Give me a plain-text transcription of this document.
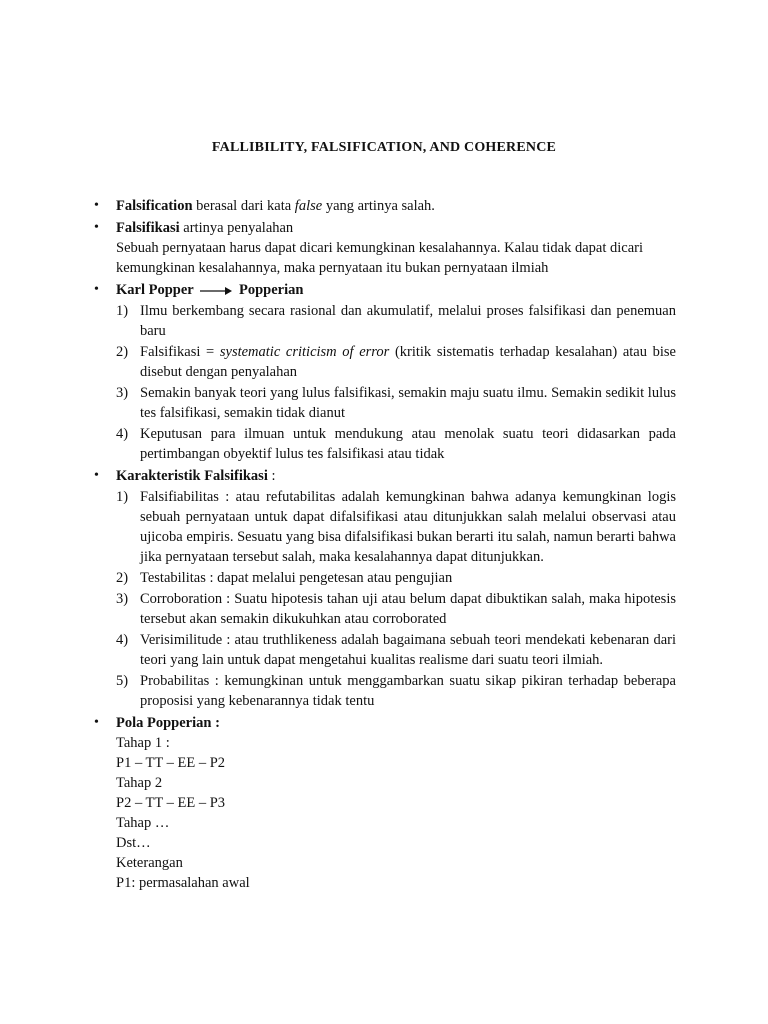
FALLIBILITY, FALSIFICATION, AND COHERENCE
• Falsification berasal dari kata false yang artinya salah.
• Falsifikasi artinya penyalahan
Sebuah pernyataan harus dapat dicari kemungkinan kesalahannya. Kalau tidak dapat dicari kemungkinan kesalahannya, maka pernyataan itu bukan pernyataan ilmiah
• Karl Popper	Popperian
1) Ilmu berkembang secara rasional dan akumulatif, melalui proses falsifikasi dan penemuan baru
2) Falsifikasi = systematic criticism of error (kritik sistematis terhadap kesalahan) atau bise disebut dengan penyalahan
3) Semakin banyak teori yang lulus falsifikasi, semakin maju suatu ilmu. Semakin sedikit lulus tes falsifikasi, semakin tidak dianut
4) Keputusan para ilmuan untuk mendukung atau menolak suatu teori didasarkan pada pertimbangan obyektif lulus tes falsifikasi atau tidak
• Karakteristik Falsifikasi :
1) Falsifiabilitas : atau refutabilitas adalah kemungkinan bahwa adanya kemungkinan logis sebuah pernyataan untuk dapat difalsifikasi atau ditunjukkan salah melalui observasi atau ujicoba empiris. Sesuatu yang bisa difalsifikasi bukan berarti itu salah, namun berarti bahwa jika pernyataan tersebut salah, maka kesalahannya dapat ditunjukkan.
2) Testabilitas : dapat melalui pengetesan atau pengujian
3) Corroboration : Suatu hipotesis tahan uji atau belum dapat dibuktikan salah, maka hipotesis tersebut akan semakin dikukuhkan atau corroborated
4) Verisimilitude : atau truthlikeness adalah bagaimana sebuah teori mendekati kebenaran dari teori yang lain untuk dapat mengetahui kualitas realisme dari suatu teori ilmiah.
5) Probabilitas : kemungkinan untuk menggambarkan suatu sikap pikiran terhadap beberapa proposisi yang kebenarannya tidak tentu
• Pola Popperian :
Tahap 1 :
P1 – TT – EE – P2
Tahap 2
P2 – TT – EE – P3
Tahap …
Dst…
Keterangan
P1: permasalahan awal
